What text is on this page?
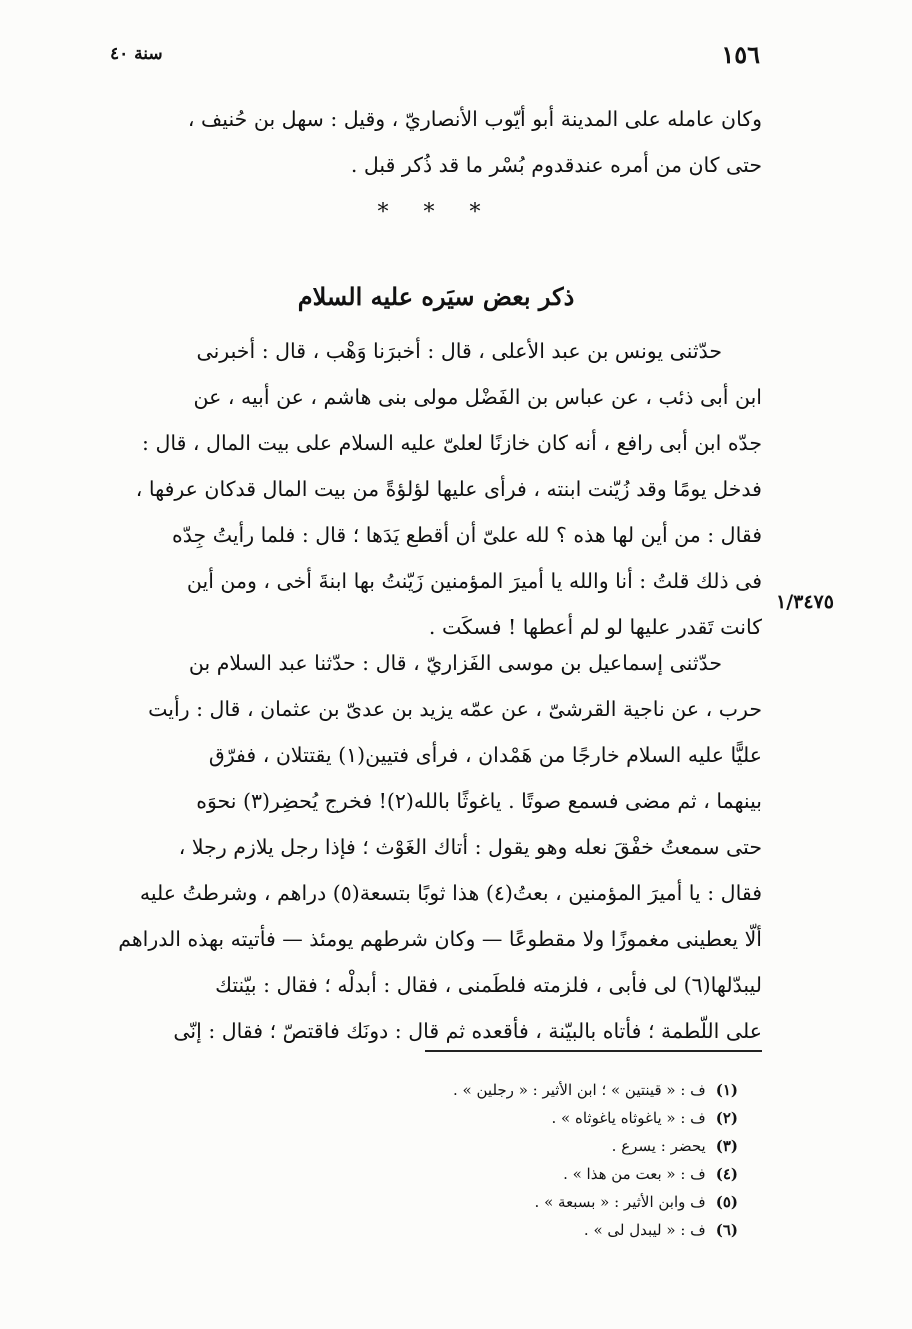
١٥٦
سنة ٤٠
وكان عامله على المدينة أبو أيّوب الأنصاريّ ، وقيل : سهل بن حُنيف ،
حتى كان من أمره عندقدوم بُسْر ما قد ذُكر قبل .
* * *
ذكر بعض سيَره عليه السلام
حدّثنى يونس بن عبد الأعلى ، قال : أخبرَنا وَهْب ، قال : أخبرنى
ابن أبى ذئب ، عن عباس بن الفَضْل مولى بنى هاشم ، عن أبيه ، عن
جدّه ابن أبى رافع ، أنه كان خازنًا لعلىّ عليه السلام على بيت المال ، قال :
فدخل يومًا وقد زُيّنت ابنته ، فرأى عليها لؤلؤةً من بيت المال قدكان عرفها ،
فقال : من أين لها هذه ؟ لله علىّ أن أقطع يَدَها ؛ قال : فلما رأيتُ جِدّه
فى ذلك قلتُ : أنا والله يا أميرَ المؤمنين زَيّنتُ بها ابنةَ أخى ، ومن أين
كانت تَقدر عليها لو لم أعطها ! فسكَت .
١/٣٤٧٥
حدّثنى إسماعيل بن موسى الفَزاريّ ، قال : حدّثنا عبد السلام بن
حرب ، عن ناجية القرشىّ ، عن عمّه يزيد بن عدىّ بن عثمان ، قال : رأيت
عليًّا عليه السلام خارجًا من هَمْدان ، فرأى فتيين(١) يقتتلان ، ففرّق
بينهما ، ثم مضى فسمع صوتًا . ياغوثًا بالله(٢)! فخرج يُحضِر(٣) نحوَه
حتى سمعتُ خفْقَ نعله وهو يقول : أتاك الغَوْث ؛ فإذا رجل يلازم رجلا ،
فقال : يا أميرَ المؤمنين ، بعتُ(٤) هذا ثوبًا بتسعة(٥) دراهم ، وشرطتُ عليه
ألّا يعطينى مغموزًا ولا مقطوعًا — وكان شرطهم يومئذ — فأتيته بهذه الدراهم
ليبدّلها(٦) لى فأبى ، فلزمته فلطَمنى ، فقال : أبدلْه ؛ فقال : بيّنتك
على اللّطمة ؛ فأتاه بالبيّنة ، فأقعده ثم قال : دونَك فاقتصّ ؛ فقال : إنّى
(١)ف : « قينتين » ؛ ابن الأثير : « رجلين » .
(٢)ف : « ياغوثاه ياغوثاه » .
(٣)يحضر : يسرع .
(٤)ف : « بعت من هذا » .
(٥)ف وابن الأثير : « بسبعة » .
(٦)ف : « ليبدل لى » .
